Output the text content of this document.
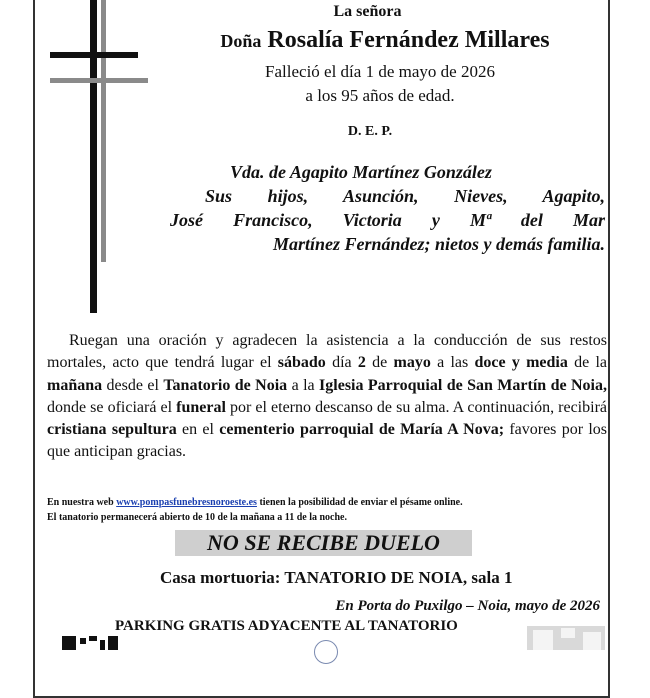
La señora
Doña Rosalía Fernández Millares
Falleció el día 1 de mayo de 2026
a los 95 años de edad.
D. E. P.
Vda. de Agapito Martínez González
Sus hijos, Asunción, Nieves, Agapito,
José Francisco, Victoria y Mª del Mar
Martínez Fernández; nietos y demás familia.
Ruegan una oración y agradecen la asistencia a la conducción de sus restos mortales, acto que tendrá lugar el sábado día 2 de mayo a las doce y media de la mañana desde el Tanatorio de Noia a la Iglesia Parroquial de San Martín de Noia, donde se oficiará el funeral por el eterno descanso de su alma. A continuación, recibirá cristiana sepultura en el cementerio parroquial de María A Nova; favores por los que anticipan gracias.
En nuestra web www.pompasfunebresnoroeste.es tienen la posibilidad de enviar el pésame online.
El tanatorio permanecerá abierto de 10 de la mañana a 11 de la noche.
NO SE RECIBE DUELO
Casa mortuoria: TANATORIO DE NOIA, sala 1
En Porta do Puxilgo – Noia, mayo de 2026
PARKING GRATIS ADYACENTE AL TANATORIO
